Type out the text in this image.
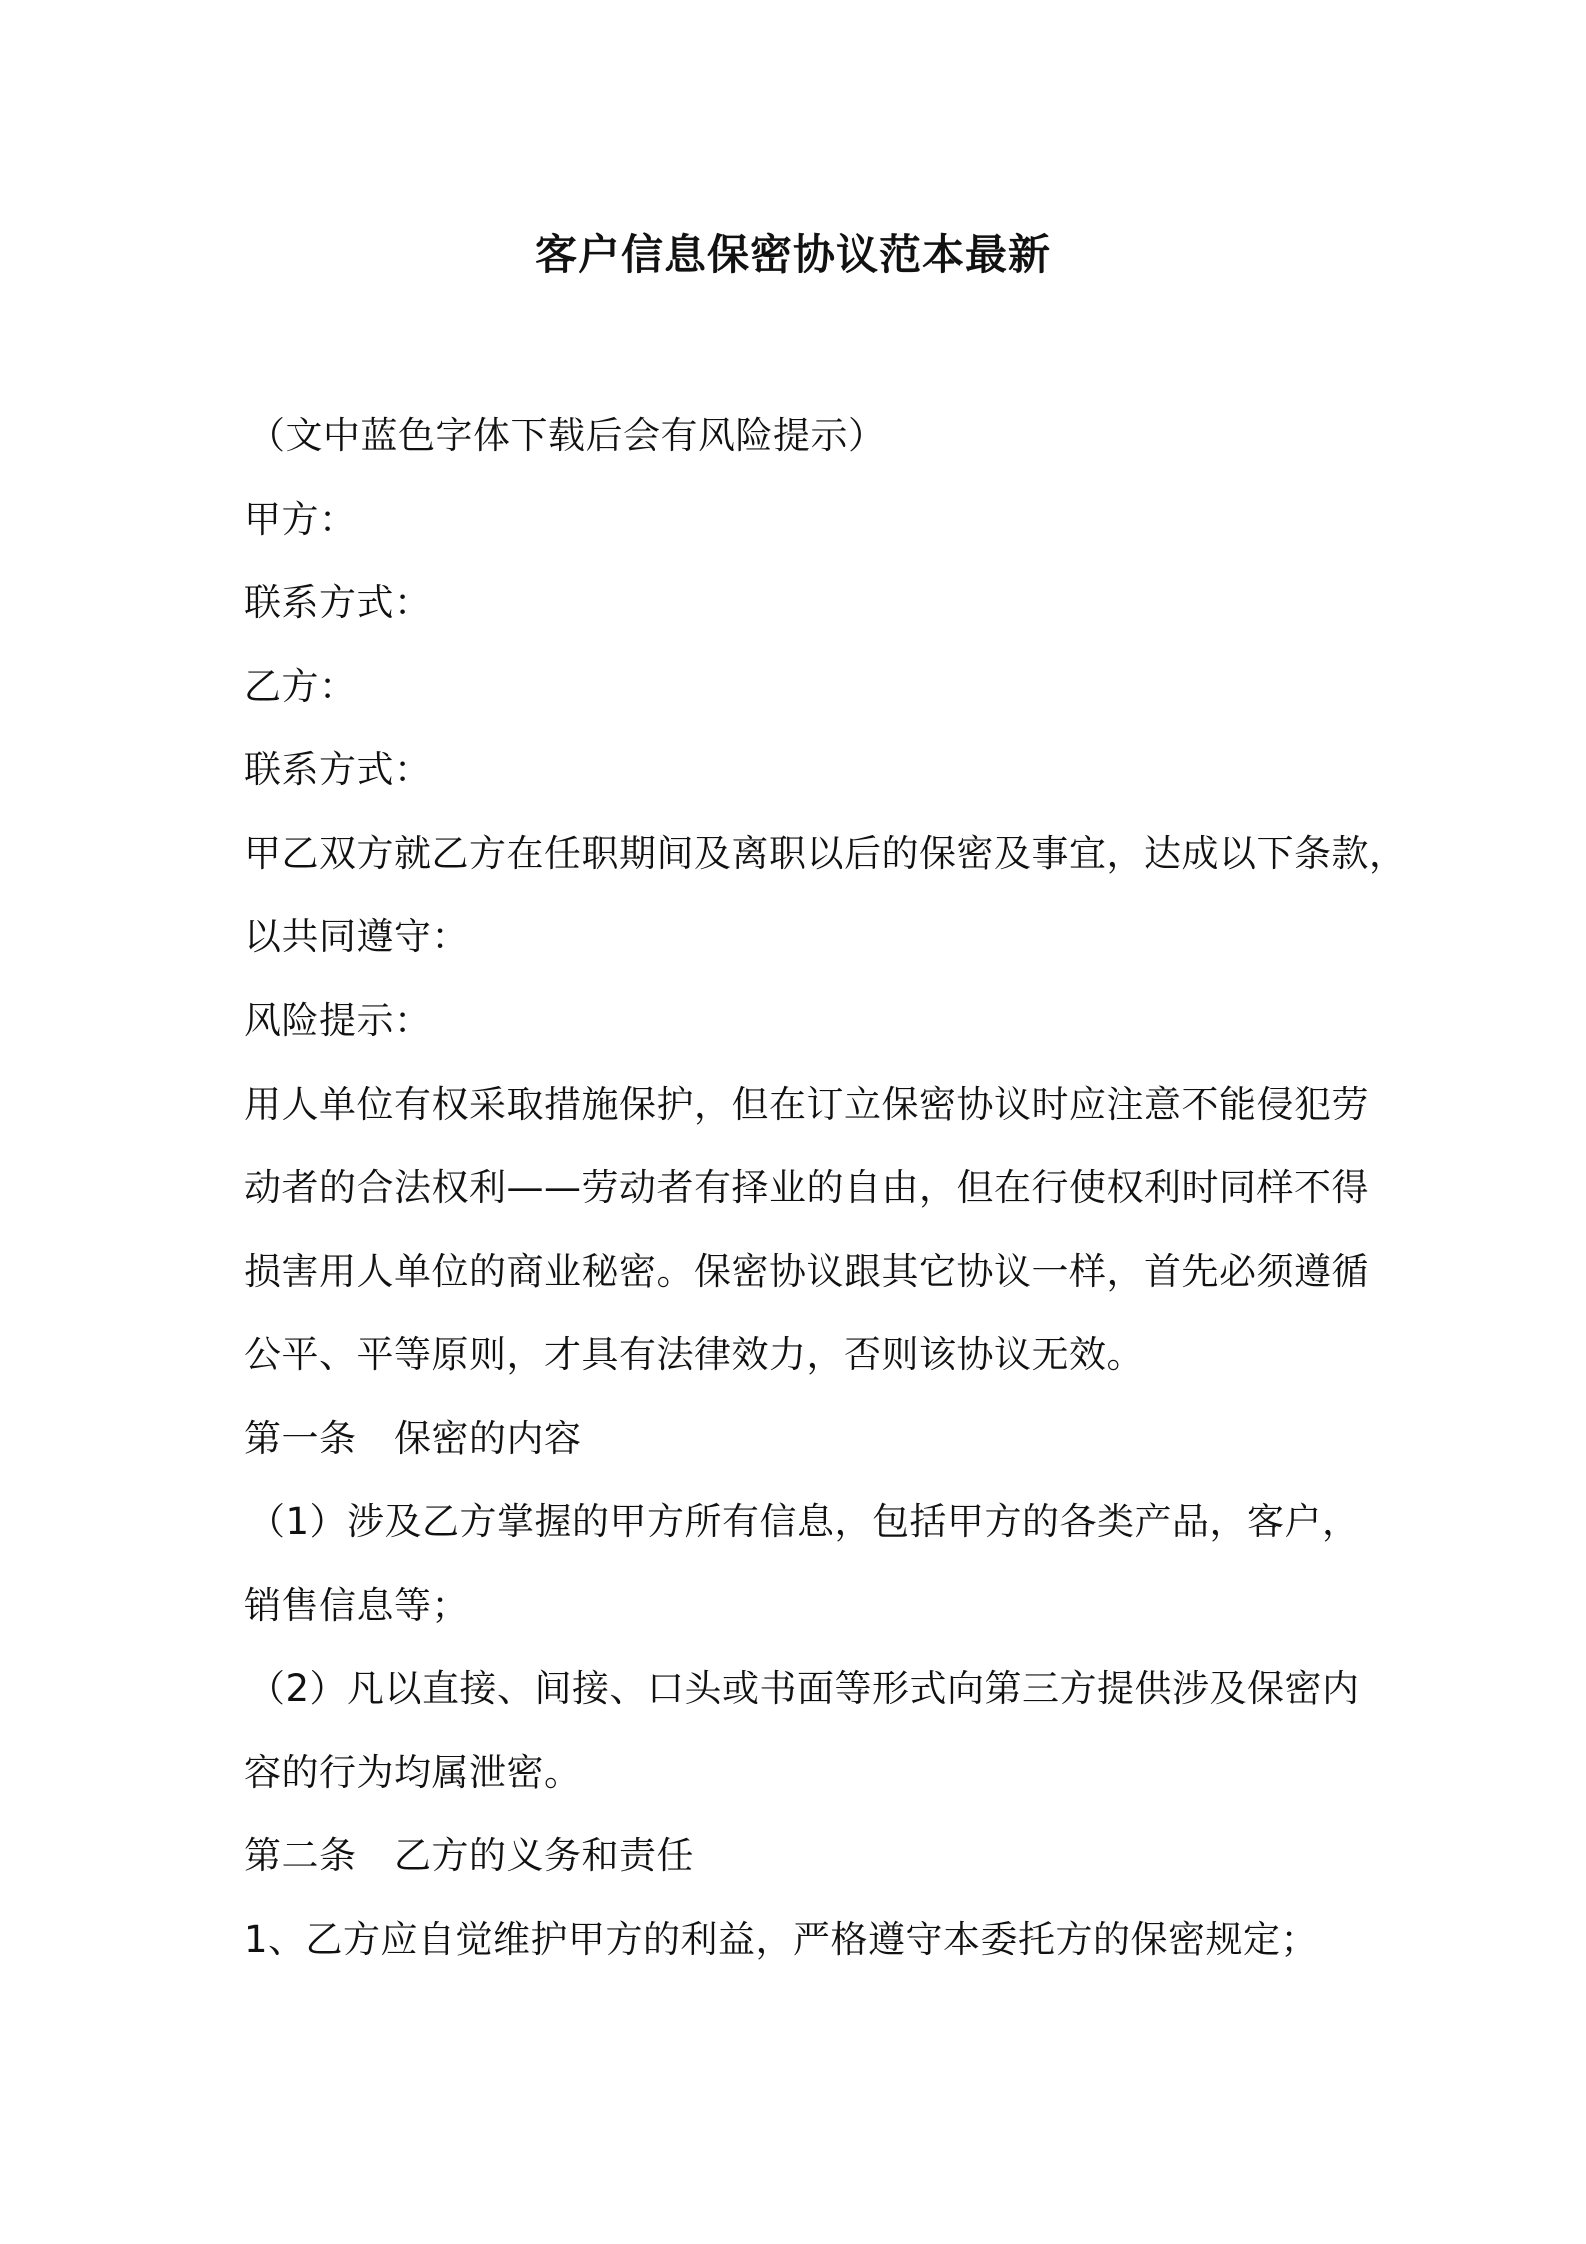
客户信息保密协议范本最新
（文中蓝色字体下载后会有风险提示）
甲方：
联系方式：
乙方：
联系方式：
甲乙双方就乙方在任职期间及离职以后的保密及事宜，达成以下条款，
以共同遵守：
风险提示：
用人单位有权采取措施保护，但在订立保密协议时应注意不能侵犯劳
动者的合法权利——劳动者有择业的自由，但在行使权利时同样不得
损害用人单位的商业秘密。保密协议跟其它协议一样，首先必须遵循
公平、平等原则，才具有法律效力，否则该协议无效。
第一条　保密的内容
（1）涉及乙方掌握的甲方所有信息，包括甲方的各类产品，客户，
销售信息等；
（2）凡以直接、间接、口头或书面等形式向第三方提供涉及保密内
容的行为均属泄密。
第二条　乙方的义务和责任
1、乙方应自觉维护甲方的利益，严格遵守本委托方的保密规定；
